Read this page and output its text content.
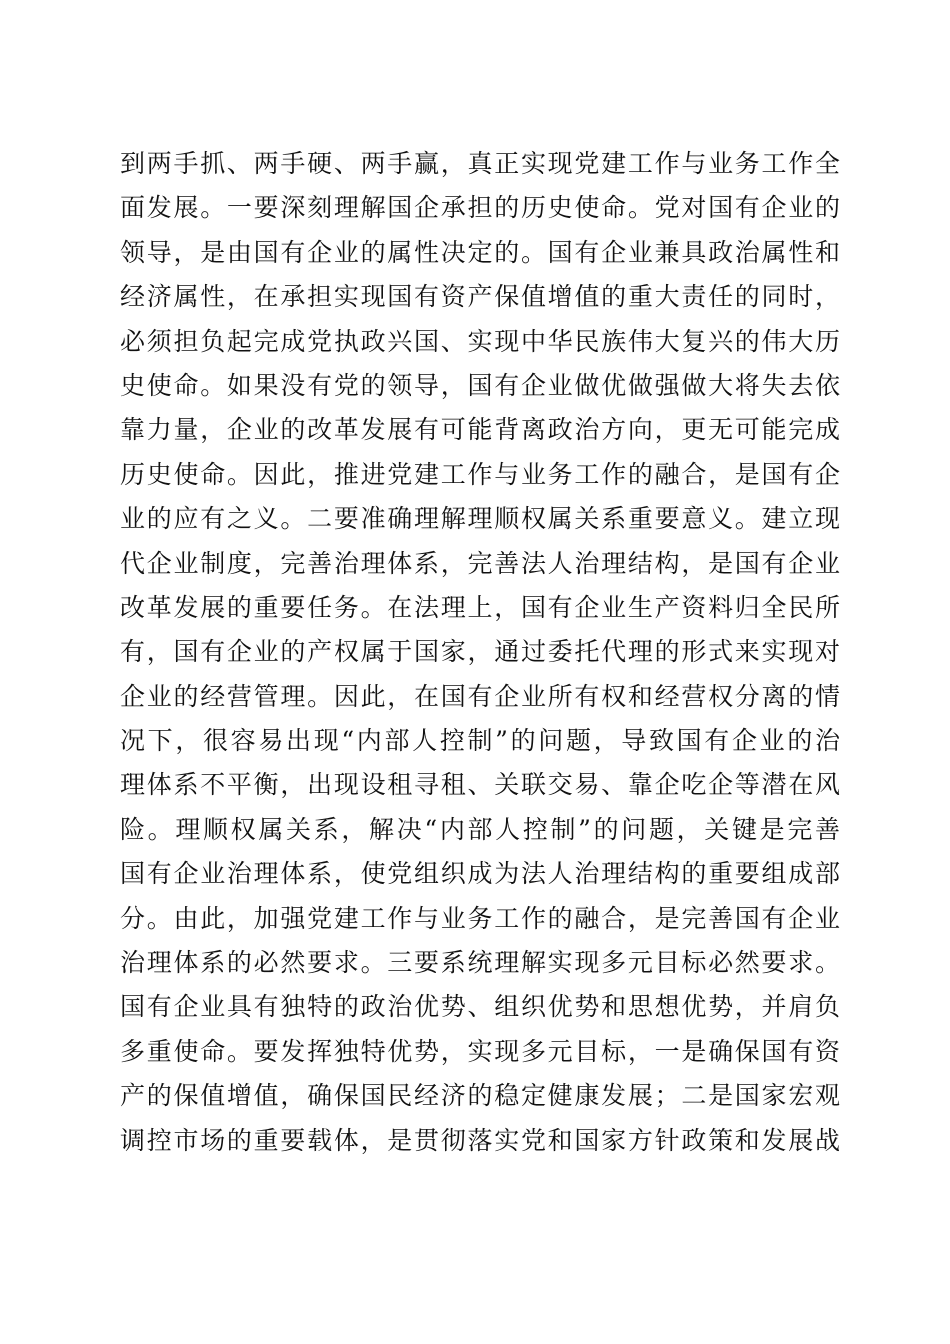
到两手抓、两手硬、两手赢，真正实现党建工作与业务工作全
面发展。一要深刻理解国企承担的历史使命。党对国有企业的
领导，是由国有企业的属性决定的。国有企业兼具政治属性和
经济属性，在承担实现国有资产保值增值的重大责任的同时，
必须担负起完成党执政兴国、实现中华民族伟大复兴的伟大历
史使命。如果没有党的领导，国有企业做优做强做大将失去依
靠力量，企业的改革发展有可能背离政治方向，更无可能完成
历史使命。因此，推进党建工作与业务工作的融合，是国有企
业的应有之义。二要准确理解理顺权属关系重要意义。建立现
代企业制度，完善治理体系，完善法人治理结构，是国有企业
改革发展的重要任务。在法理上，国有企业生产资料归全民所
有，国有企业的产权属于国家，通过委托代理的形式来实现对
企业的经营管理。因此，在国有企业所有权和经营权分离的情
况下，很容易出现“内部人控制”的问题，导致国有企业的治
理体系不平衡，出现设租寻租、关联交易、靠企吃企等潜在风
险。理顺权属关系，解决“内部人控制”的问题，关键是完善
国有企业治理体系，使党组织成为法人治理结构的重要组成部
分。由此，加强党建工作与业务工作的融合，是完善国有企业
治理体系的必然要求。三要系统理解实现多元目标必然要求。
国有企业具有独特的政治优势、组织优势和思想优势，并肩负
多重使命。要发挥独特优势，实现多元目标，一是确保国有资
产的保值增值，确保国民经济的稳定健康发展；二是国家宏观
调控市场的重要载体，是贯彻落实党和国家方针政策和发展战
